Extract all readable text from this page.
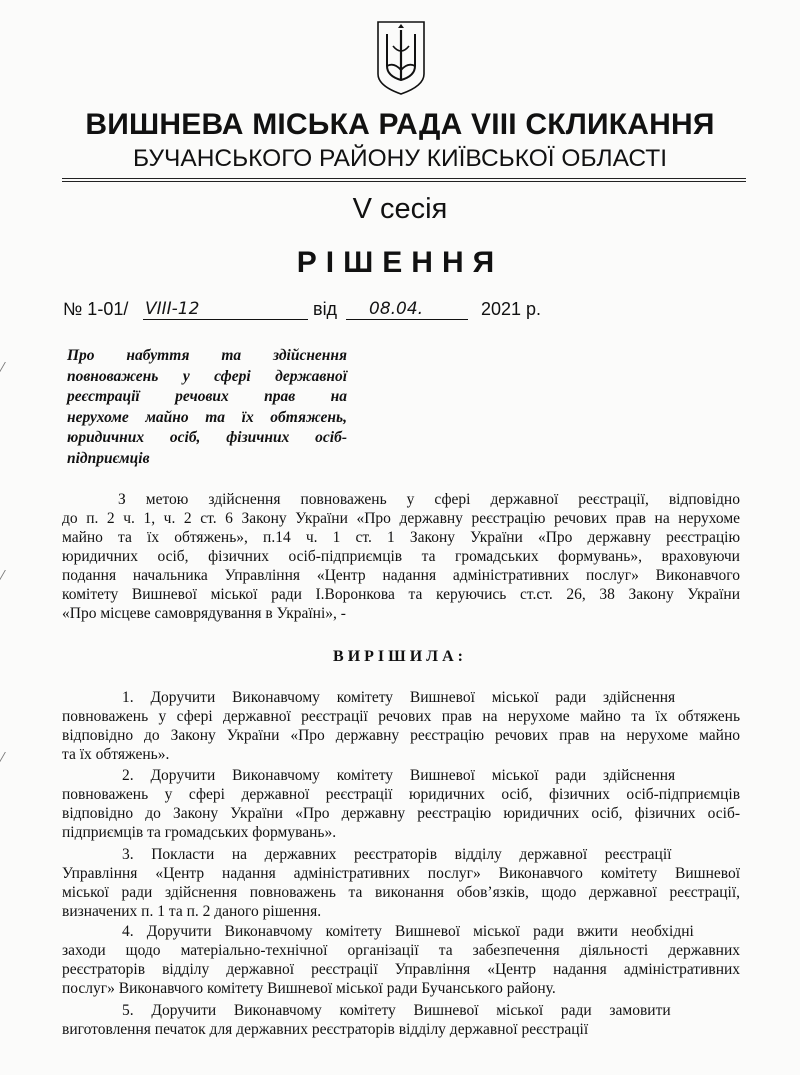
ВИШНЕВА МІСЬКА РАДА VIII СКЛИКАННЯ
БУЧАНСЬКОГО РАЙОНУ КИЇВСЬКОЇ ОБЛАСТІ
V сесія
РІШЕННЯ
№ 1-01/ VIII-12	від 08.04.	2021 р.
Про набуття та здійснення
повноважень у сфері державної
реєстрації речових прав на
нерухоме майно та їх обтяжень,
юридичних осіб, фізичних осіб-
підприємців
З метою здійснення повноважень у сфері державної реєстрації, відповідно
до п. 2 ч. 1, ч. 2 ст. 6 Закону України «Про державну реєстрацію речових прав на нерухоме
майно та їх обтяжень», п.14 ч. 1 ст. 1 Закону України «Про державну реєстрацію
юридичних осіб, фізичних осіб-підприємців та громадських формувань», враховуючи
подання начальника Управління «Центр надання адміністративних послуг» Виконавчого
комітету Вишневої міської ради І.Воронкова та керуючись ст.ст. 26, 38 Закону України
«Про місцеве самоврядування в Україні», -
ВИРІШИЛА:
1. Доручити Виконавчому комітету Вишневої міської ради здійснення
повноважень у сфері державної реєстрації речових прав на нерухоме майно та їх обтяжень
відповідно до Закону України «Про державну реєстрацію речових прав на нерухоме майно
та їх обтяжень».
2. Доручити Виконавчому комітету Вишневої міської ради здійснення
повноважень у сфері державної реєстрації юридичних осіб, фізичних осіб-підприємців
відповідно до Закону України «Про державну реєстрацію юридичних осіб, фізичних осіб-
підприємців та громадських формувань».
3. Покласти на державних реєстраторів відділу державної реєстрації
Управління «Центр надання адміністративних послуг» Виконавчого комітету Вишневої
міської ради здійснення повноважень та виконання обов’язків, щодо державної реєстрації,
визначених п. 1 та п. 2 даного рішення.
4. Доручити Виконавчому комітету Вишневої міської ради вжити необхідні
заходи щодо матеріально-технічної організації та забезпечення діяльності державних
реєстраторів відділу державної реєстрації Управління «Центр надання адміністративних
послуг» Виконавчого комітету Вишневої міської ради Бучанського району.
5. Доручити Виконавчому комітету Вишневої міської ради замовити
виготовлення печаток для державних реєстраторів відділу державної реєстрації
